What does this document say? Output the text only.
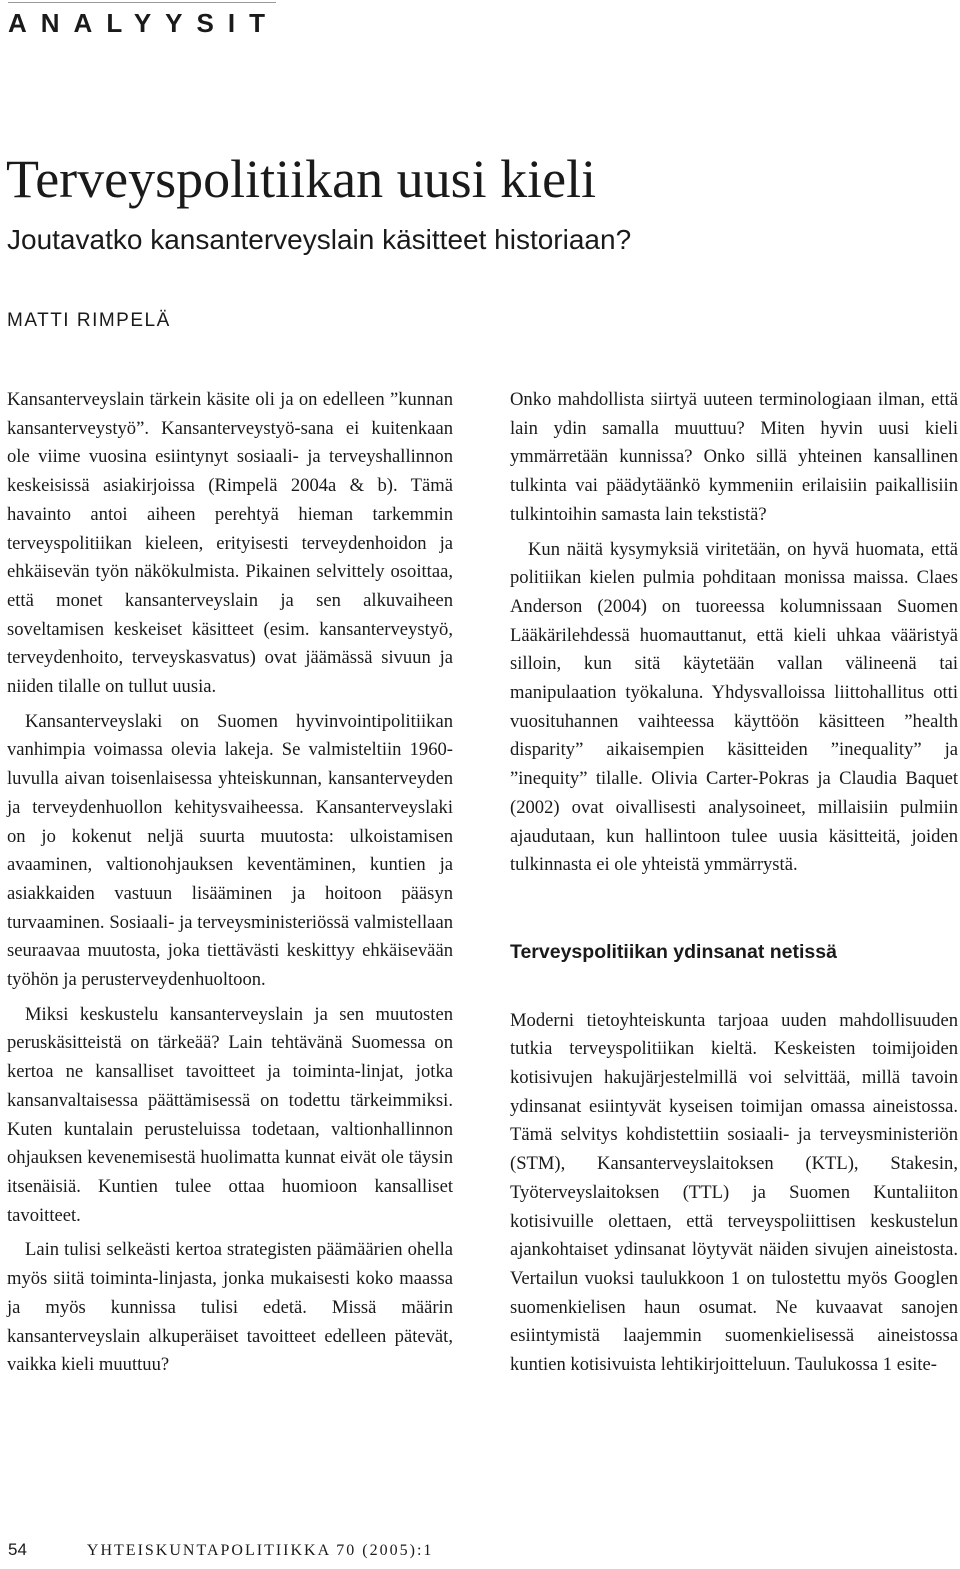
ANALYYSIT
Terveyspolitiikan uusi kieli
Joutavatko kansanterveyslain käsitteet historiaan?
MATTI RIMPELÄ

Kansanterveyslain tärkein käsite oli ja on edelleen ”kunnan kansanterveystyö”. Kansanterveystyö-sana ei kuitenkaan ole viime vuosina esiintynyt sosiaali- ja terveyshallinnon keskeisissä asiakirjoissa (Rimpelä 2004a & b). Tämä havainto antoi aiheen perehtyä hieman tarkemmin terveyspolitiikan kieleen, erityisesti terveydenhoidon ja ehkäisevän työn näkökulmista. Pikainen selvittely osoittaa, että monet kansanterveyslain ja sen alkuvaiheen soveltamisen keskeiset käsitteet (esim. kansanterveystyö, terveydenhoito, terveyskasvatus) ovat jäämässä sivuun ja niiden tilalle on tullut uusia.

Kansanterveyslaki on Suomen hyvinvointipolitiikan vanhimpia voimassa olevia lakeja. Se valmisteltiin 1960-luvulla aivan toisenlaisessa yhteiskunnan, kansanterveyden ja terveydenhuollon kehitysvaiheessa. Kansanterveyslaki on jo kokenut neljä suurta muutosta: ulkoistamisen avaaminen, valtionohjauksen keventäminen, kuntien ja asiakkaiden vastuun lisääminen ja hoitoon pääsyn turvaaminen. Sosiaali- ja terveysministeriössä valmistellaan seuraavaa muutosta, joka tiettävästi keskittyy ehkäisevään työhön ja perusterveydenhuoltoon.

Miksi keskustelu kansanterveyslain ja sen muutosten peruskäsitteistä on tärkeää? Lain tehtävänä Suomessa on kertoa ne kansalliset tavoitteet ja toiminta-linjat, jotka kansanvaltaisessa päättämisessä on todettu tärkeimmiksi. Kuten kuntalain perusteluissa todetaan, valtionhallinnon ohjauksen kevenemisestä huolimatta kunnat eivät ole täysin itsenäisiä. Kuntien tulee ottaa huomioon kansalliset tavoitteet.

Lain tulisi selkeästi kertoa strategisten päämäärien ohella myös siitä toiminta-linjasta, jonka mukaisesti koko maassa ja myös kunnissa tulisi edetä. Missä määrin kansanterveyslain alkuperäiset tavoitteet edelleen pätevät, vaikka kieli muuttuu?

Onko mahdollista siirtyä uuteen terminologiaan ilman, että lain ydin samalla muuttuu? Miten hyvin uusi kieli ymmärretään kunnissa? Onko sillä yhteinen kansallinen tulkinta vai päädytäänkö kymmeniin erilaisiin paikallisiin tulkintoihin samasta lain tekstistä?

Kun näitä kysymyksiä viritetään, on hyvä huomata, että politiikan kielen pulmia pohditaan monissa maissa. Claes Anderson (2004) on tuoreessa kolumnissaan Suomen Lääkärilehdessä huomauttanut, että kieli uhkaa vääristyä silloin, kun sitä käytetään vallan välineenä tai manipulaation työkaluna. Yhdysvalloissa liittohallitus otti vuosituhannen vaihteessa käyttöön käsitteen ”health disparity” aikaisempien käsitteiden ”inequality” ja ”inequity” tilalle. Olivia Carter-Pokras ja Claudia Baquet (2002) ovat oivallisesti analysoineet, millaisiin pulmiin ajaudutaan, kun hallintoon tulee uusia käsitteitä, joiden tulkinnasta ei ole yhteistä ymmärrystä.

Terveyspolitiikan ydinsanat netissä

Moderni tietoyhteiskunta tarjoaa uuden mahdollisuuden tutkia terveyspolitiikan kieltä. Keskeisten toimijoiden kotisivujen hakujärjestelmillä voi selvittää, millä tavoin ydinsanat esiintyvät kyseisen toimijan omassa aineistossa. Tämä selvitys kohdistettiin sosiaali- ja terveysministeriön (STM), Kansanterveyslaitoksen (KTL), Stakesin, Työterveyslaitoksen (TTL) ja Suomen Kuntaliiton kotisivuille olettaen, että terveyspoliittisen keskustelun ajankohtaiset ydinsanat löytyvät näiden sivujen aineistosta. Vertailun vuoksi taulukkoon 1 on tulostettu myös Googlen suomenkielisen haun osumat. Ne kuvaavat sanojen esiintymistä laajemmin suomenkielisessä aineistossa kuntien kotisivuista lehtikirjoitteluun. Taulukossa 1 esite-

54	YHTEISKUNTAPOLITIIKKA 70 (2005):1
